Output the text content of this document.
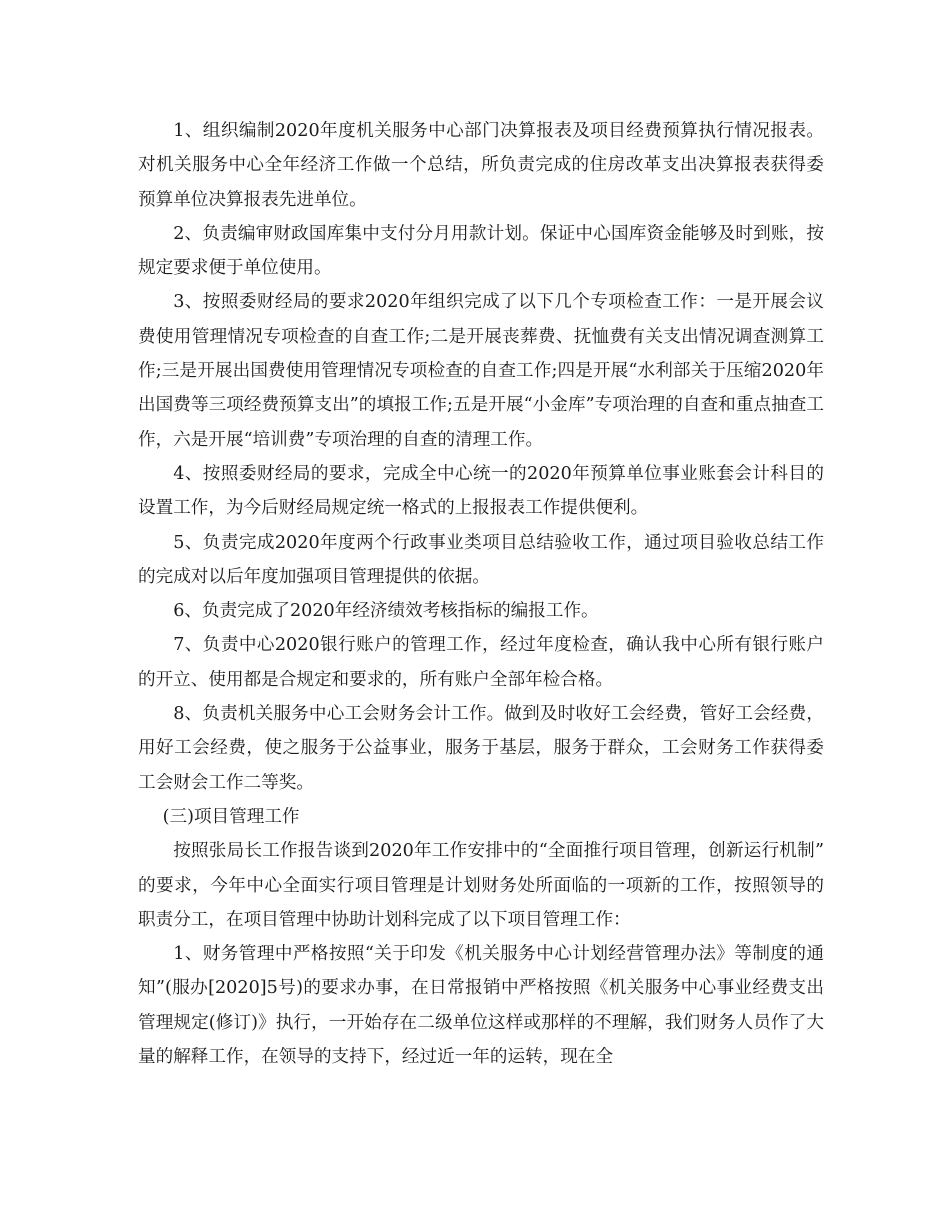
1、组织编制2020年度机关服务中心部门决算报表及项目经费预算执行情况报表。对机关服务中心全年经济工作做一个总结，所负责完成的住房改革支出决算报表获得委预算单位决算报表先进单位。

2、负责编审财政国库集中支付分月用款计划。保证中心国库资金能够及时到账，按规定要求便于单位使用。

3、按照委财经局的要求2020年组织完成了以下几个专项检查工作：一是开展会议费使用管理情况专项检查的自查工作;二是开展丧葬费、抚恤费有关支出情况调查测算工作;三是开展出国费使用管理情况专项检查的自查工作;四是开展“水利部关于压缩2020年出国费等三项经费预算支出”的填报工作;五是开展“小金库”专项治理的自查和重点抽查工作，六是开展“培训费”专项治理的自查的清理工作。

4、按照委财经局的要求，完成全中心统一的2020年预算单位事业账套会计科目的设置工作，为今后财经局规定统一格式的上报报表工作提供便利。

5、负责完成2020年度两个行政事业类项目总结验收工作，通过项目验收总结工作的完成对以后年度加强项目管理提供的依据。

6、负责完成了2020年经济绩效考核指标的编报工作。

7、负责中心2020银行账户的管理工作，经过年度检查，确认我中心所有银行账户的开立、使用都是合规定和要求的，所有账户全部年检合格。

8、负责机关服务中心工会财务会计工作。做到及时收好工会经费，管好工会经费，用好工会经费，使之服务于公益事业，服务于基层，服务于群众，工会财务工作获得委工会财会工作二等奖。

(三)项目管理工作

按照张局长工作报告谈到2020年工作安排中的“全面推行项目管理，创新运行机制”的要求，今年中心全面实行项目管理是计划财务处所面临的一项新的工作，按照领导的职责分工，在项目管理中协助计划科完成了以下项目管理工作：

1、财务管理中严格按照“关于印发《机关服务中心计划经营管理办法》等制度的通知”(服办[2020]5号)的要求办事，在日常报销中严格按照《机关服务中心事业经费支出管理规定(修订)》执行，一开始存在二级单位这样或那样的不理解，我们财务人员作了大量的解释工作，在领导的支持下，经过近一年的运转，现在全
